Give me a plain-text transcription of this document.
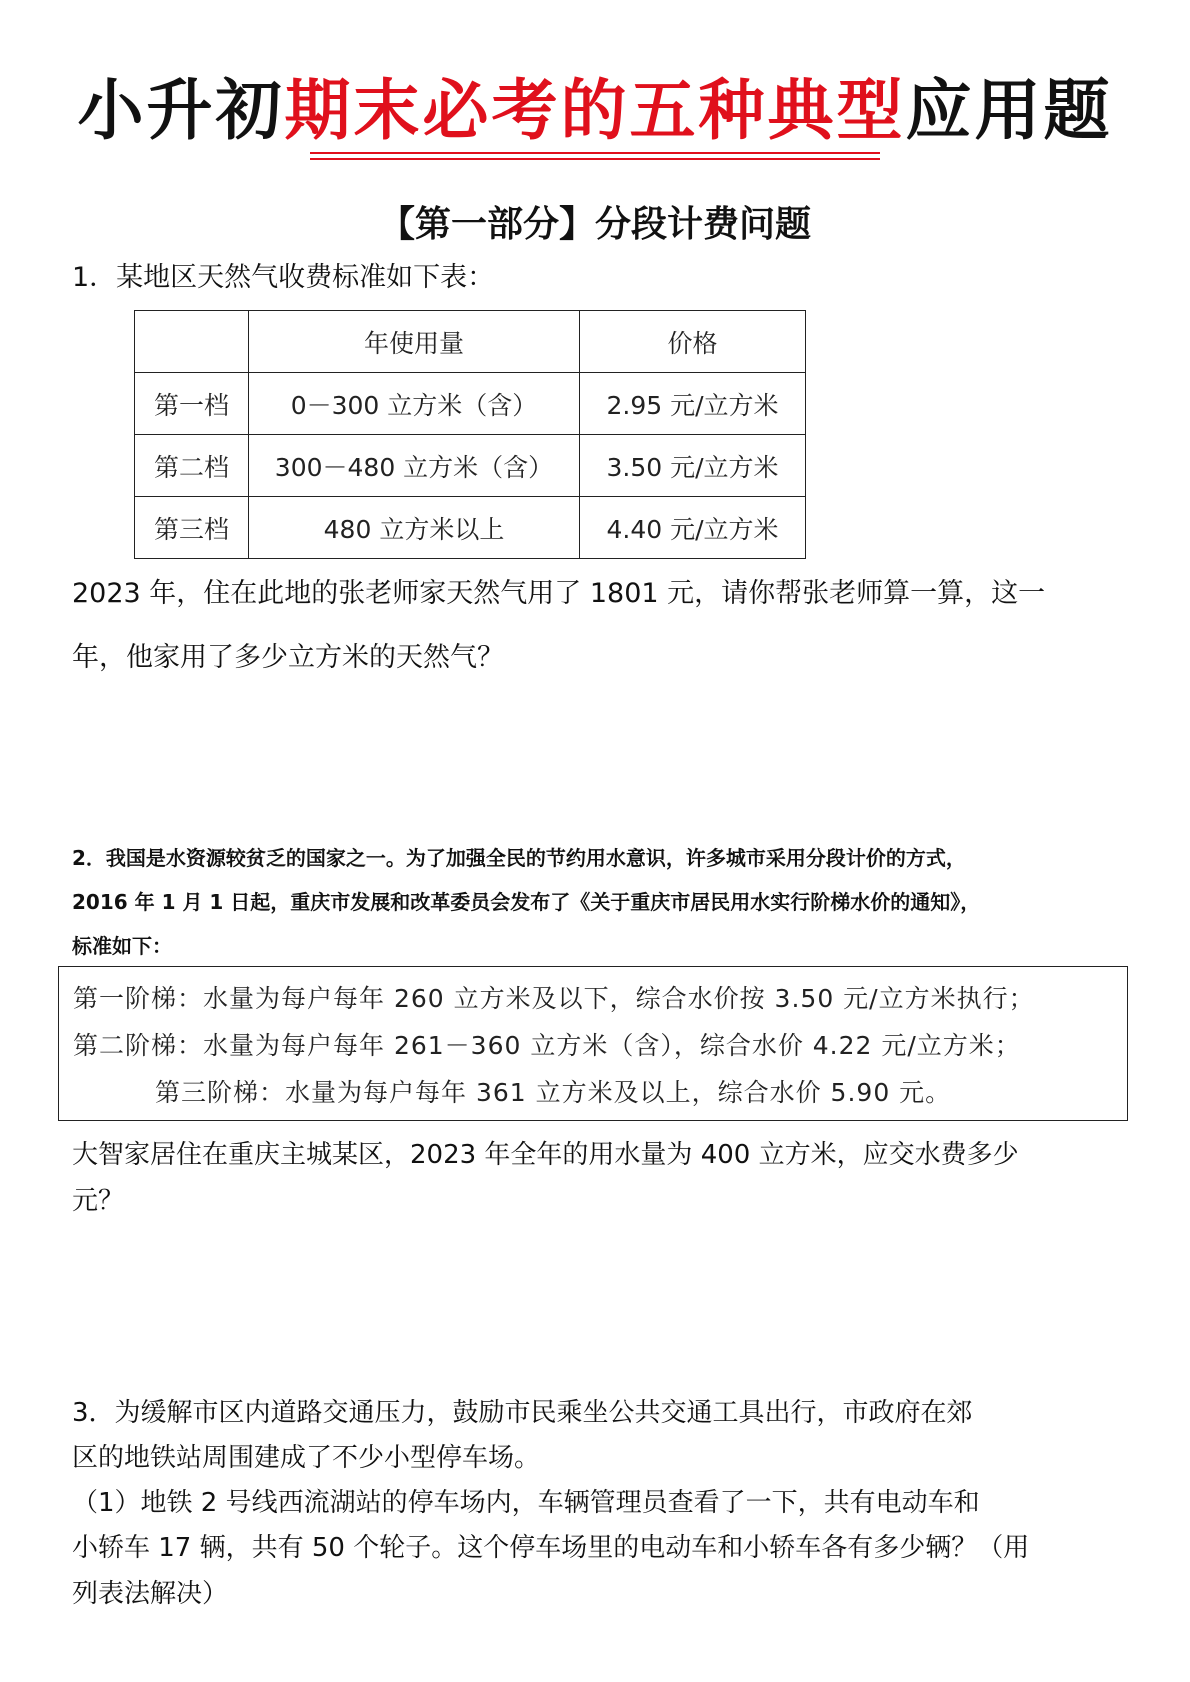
小升初期末必考的五种典型应用题
【第一部分】分段计费问题
1．某地区天然气收费标准如下表：
	年使用量	价格
第一档	0－300 立方米（含）	2.95 元/立方米
第二档	300－480 立方米（含）	3.50 元/立方米
第三档	480 立方米以上	4.40 元/立方米
2023 年，住在此地的张老师家天然气用了 1801 元，请你帮张老师算一算，这一
年，他家用了多少立方米的天然气？
2．我国是水资源较贫乏的国家之一。为了加强全民的节约用水意识，许多城市采用分段计价的方式，
2016 年 1 月 1 日起，重庆市发展和改革委员会发布了《关于重庆市居民用水实行阶梯水价的通知》，
标准如下：
第一阶梯：水量为每户每年 260 立方米及以下，综合水价按 3.50 元/立方米执行；
第二阶梯：水量为每户每年 261－360 立方米（含），综合水价 4.22 元/立方米；
第三阶梯：水量为每户每年 361 立方米及以上，综合水价 5.90 元。
大智家居住在重庆主城某区，2023 年全年的用水量为 400 立方米，应交水费多少
元？
3．为缓解市区内道路交通压力，鼓励市民乘坐公共交通工具出行，市政府在郊
区的地铁站周围建成了不少小型停车场。
（1）地铁 2 号线西流湖站的停车场内，车辆管理员查看了一下，共有电动车和
小轿车 17 辆，共有 50 个轮子。这个停车场里的电动车和小轿车各有多少辆？（用
列表法解决）
